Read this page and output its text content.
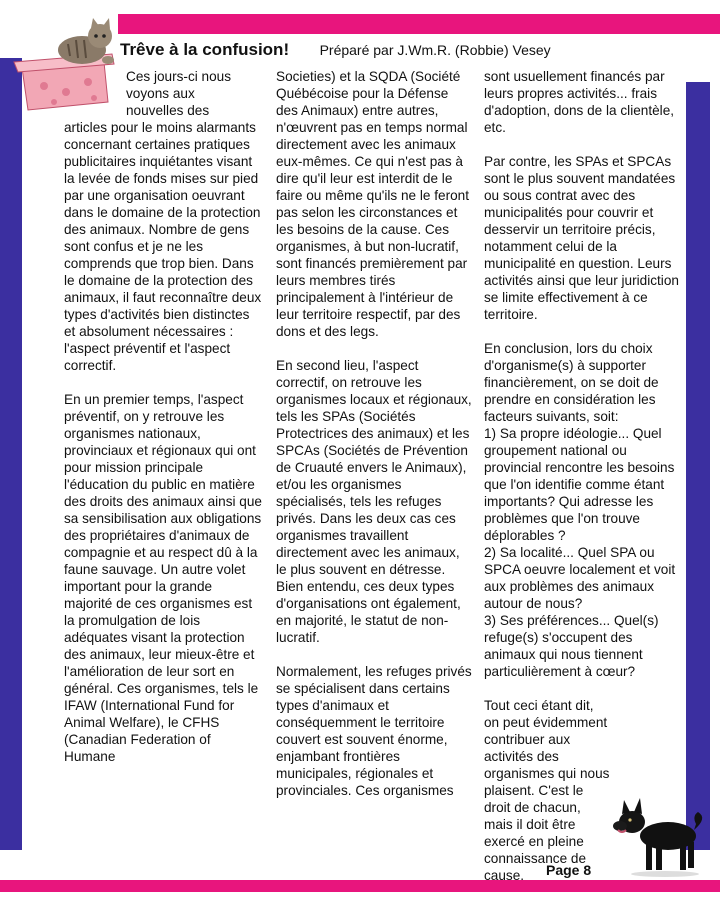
Trêve à la confusion! Préparé par J.Wm.R. (Robbie) Vesey

Ces jours-ci nous
voyons aux
nouvelles des
articles pour le moins alarmants concernant certaines pratiques publicitaires inquiétantes visant la levée de fonds mises sur pied par une organisation oeuvrant dans le domaine de la protection des animaux. Nombre de gens sont confus et je ne les comprends que trop bien. Dans le domaine de la protection des animaux, il faut reconnaître deux types d'activités bien distinctes et absolument nécessaires : l'aspect préventif et l'aspect correctif.

En un premier temps, l'aspect préventif, on y retrouve les organismes nationaux, provinciaux et régionaux qui ont pour mission principale l'éducation du public en matière des droits des animaux ainsi que sa sensibilisation aux obligations des propriétaires d'animaux de compagnie et au respect dû à la faune sauvage. Un autre volet important pour la grande majorité de ces organismes est la promulgation de lois adéquates visant la protection des animaux, leur mieux-être et l'amélioration de leur sort en général. Ces organismes, tels le IFAW (International Fund for Animal Welfare), le CFHS (Canadian Federation of Humane

Societies) et la SQDA (Société Québécoise pour la Défense des Animaux) entre autres, n'œuvrent pas en temps normal directement avec les animaux eux-mêmes. Ce qui n'est pas à dire qu'il leur est interdit de le faire ou même qu'ils ne le feront pas selon les circonstances et les besoins de la cause. Ces organismes, à but non-lucratif, sont financés premièrement par leurs membres tirés principalement à l'intérieur de leur territoire respectif, par des dons et des legs.

En second lieu, l'aspect correctif, on retrouve les organismes locaux et régionaux, tels les SPAs (Sociétés Protectrices des animaux) et les SPCAs (Sociétés de Prévention de Cruauté envers le Animaux), et/ou les organismes spécialisés, tels les refuges privés. Dans les deux cas ces organismes travaillent directement avec les animaux, le plus souvent en détresse. Bien entendu, ces deux types d'organisations ont également, en majorité, le statut de non-lucratif.

Normalement, les refuges privés se spécialisent dans certains types d'animaux et conséquemment le territoire couvert est souvent énorme, enjambant frontières municipales, régionales et provinciales. Ces organismes

sont usuellement financés par leurs propres activités... frais d'adoption, dons de la clientèle, etc.

Par contre, les SPAs et SPCAs sont le plus souvent mandatées ou sous contrat avec des municipalités pour couvrir et desservir un territoire précis, notamment celui de la municipalité en question. Leurs activités ainsi que leur juridiction se limite effectivement à ce territoire.

En conclusion, lors du choix d'organisme(s) à supporter financièrement, on se doit de prendre en considération les facteurs suivants, soit:

1) Sa propre idéologie... Quel groupement national ou provincial rencontre les besoins que l'on identifie comme étant importants? Qui adresse les problèmes que l'on trouve déplorables ?
2) Sa localité... Quel SPA ou SPCA oeuvre localement et voit aux problèmes des animaux autour de nous?

3) Ses préférences... Quel(s) refuge(s) s'occupent des animaux qui nous tiennent particulièrement à cœur?

Tout ceci étant dit, on peut évidemment contribuer aux activités des organismes qui nous plaisent. C'est le droit de chacun, mais il doit être exercé en pleine connaissance de cause.	Page 8
